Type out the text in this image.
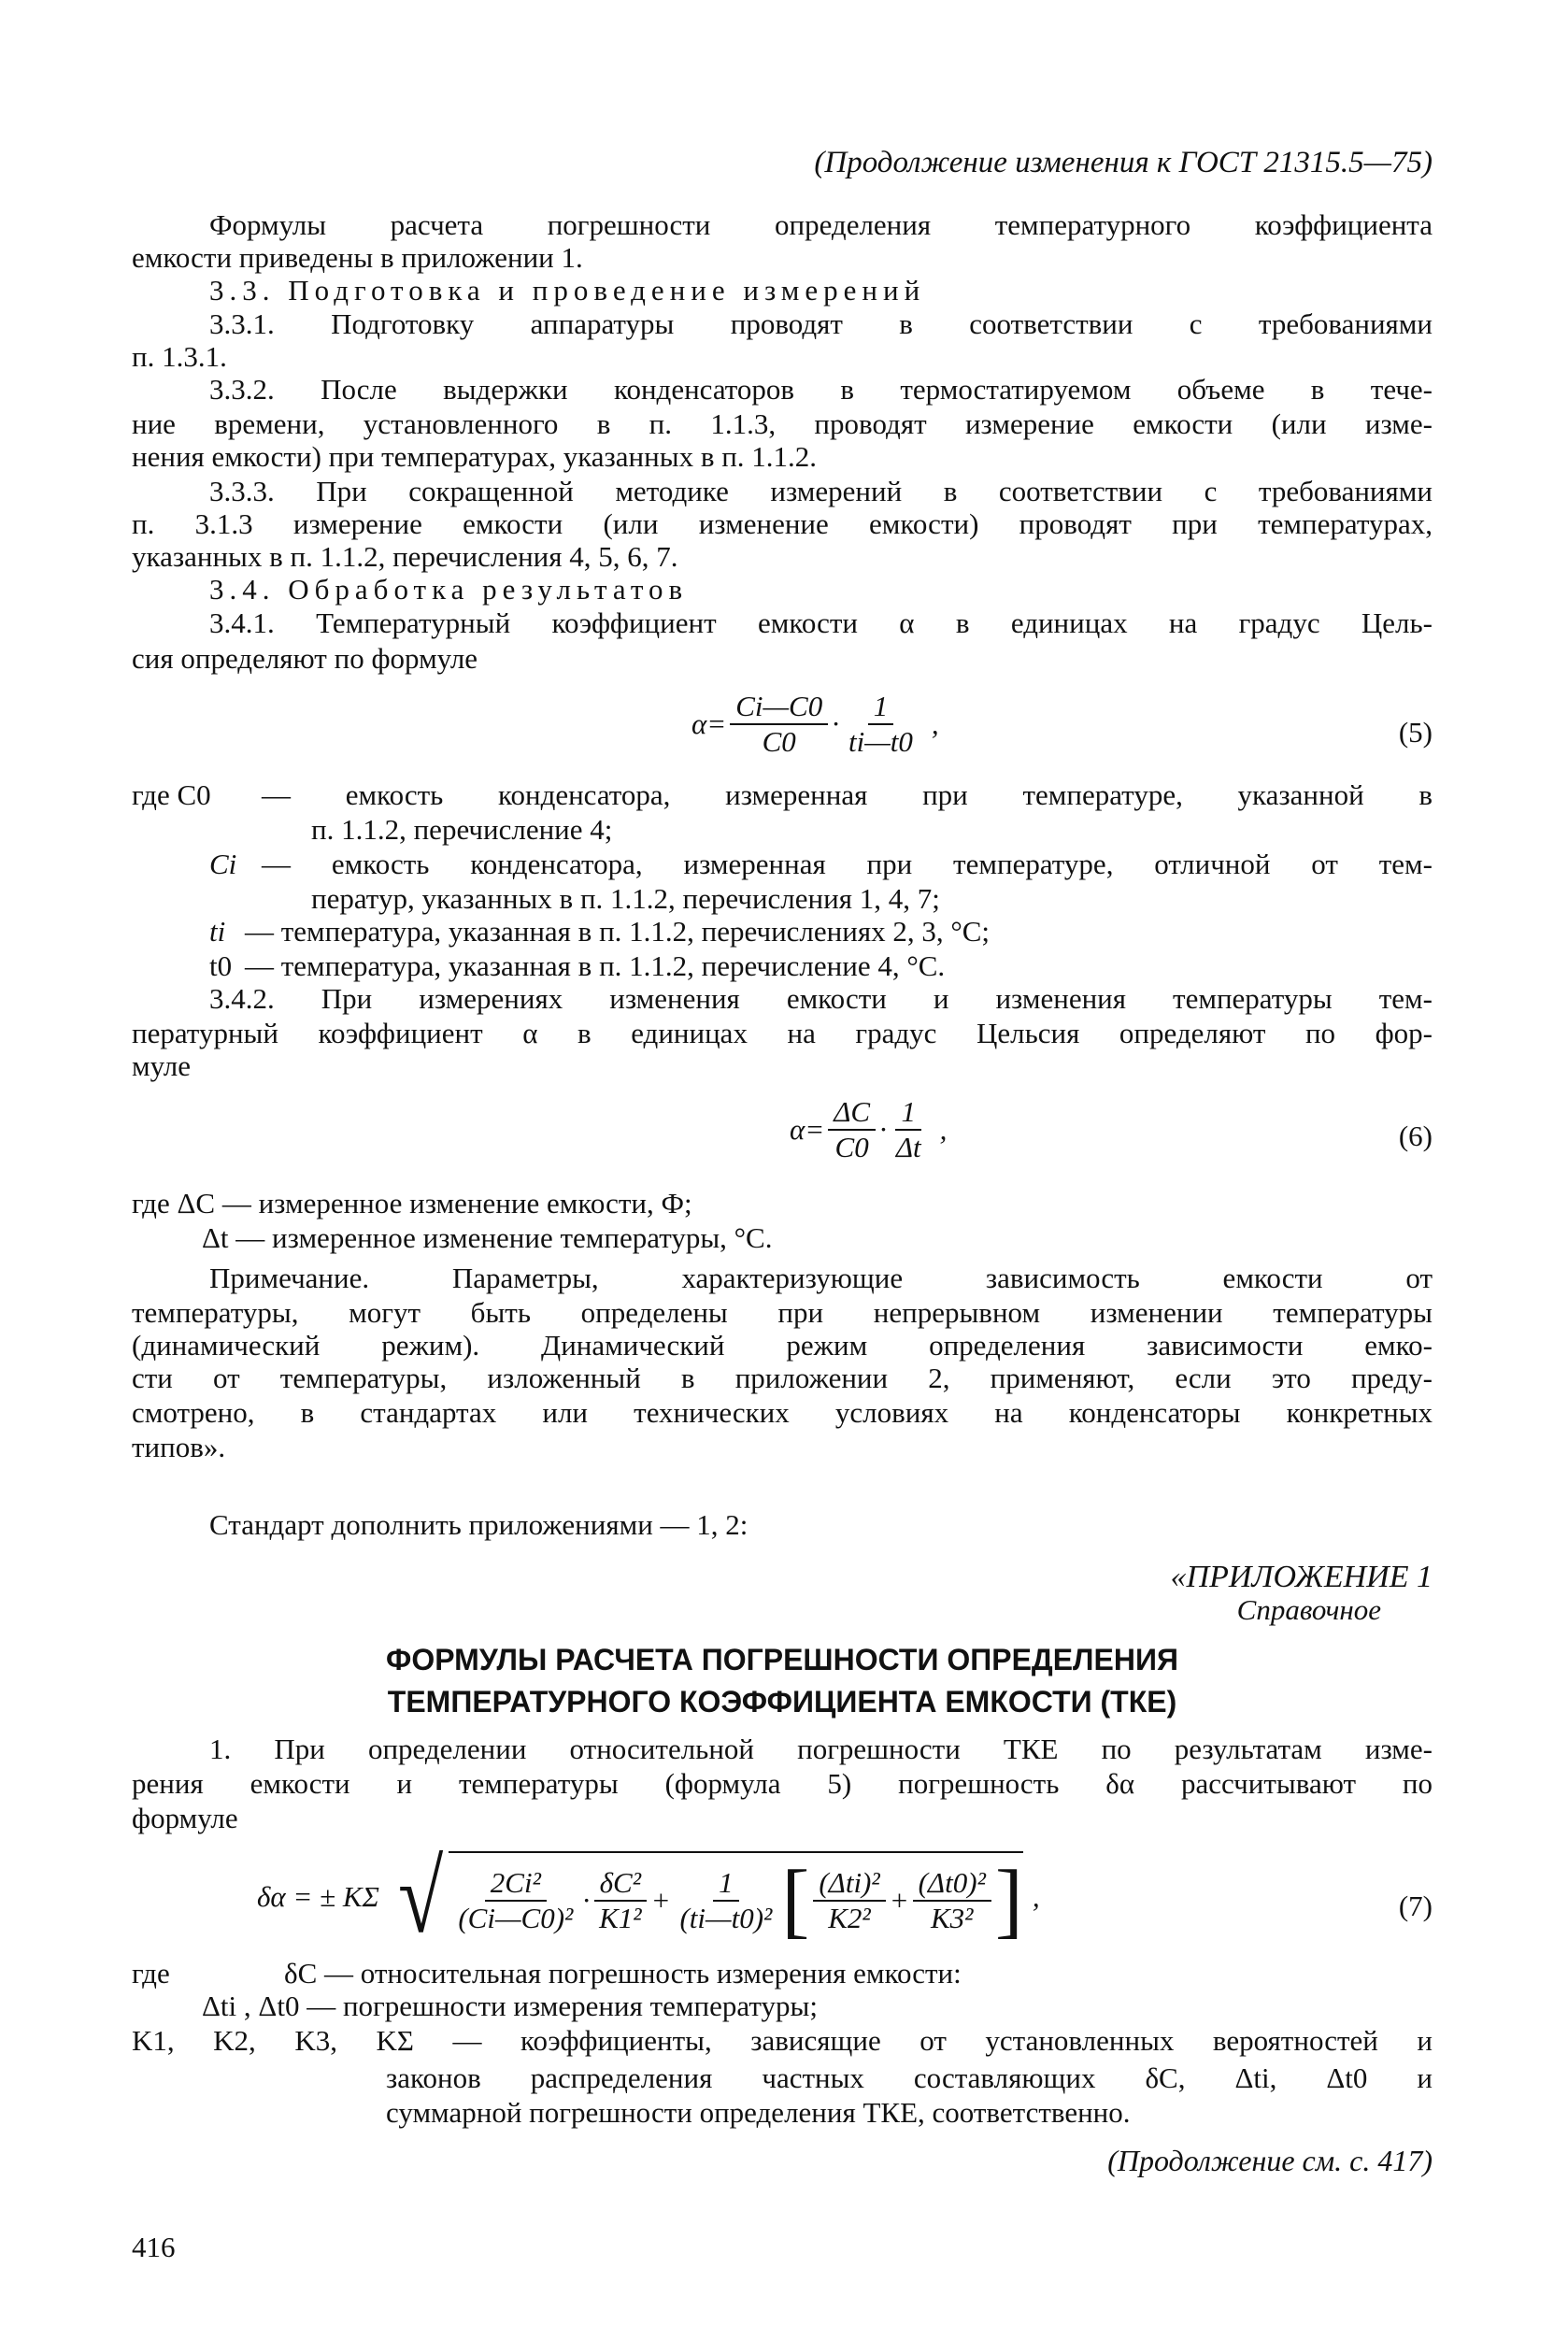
(Продолжение изменения к ГОСТ 21315.5—75)
Формулы расчета погрешности определения температурного коэффициента
емкости приведены в приложении 1.
3.3. Подготовка и проведение измерений
3.3.1. Подготовку аппаратуры проводят в соответствии с требованиями
п. 1.3.1.
3.3.2. После выдержки конденсаторов в термостатируемом объеме в тече-
ние времени, установленного в п. 1.1.3, проводят измерение емкости (или изме-
нения емкости) при температурах, указанных в п. 1.1.2.
3.3.3. При сокращенной методике измерений в соответствии с требованиями
п. 3.1.3 измерение емкости (или изменение емкости) проводят при температурах,
указанных в п. 1.1.2, перечисления 4, 5, 6, 7.
3.4. Обработка результатов
3.4.1. Температурный коэффициент емкости α в единицах на градус Цель-
сия определяют по формуле
$\alpha= \frac{Ci—C0}{C0} \cdot \frac{1}{ti—t0}$ ,	(5)
где C0 — емкость конденсатора, измеренная при температуре, указанной в
п. 1.1.2, перечисление 4;
Ci — емкость конденсатора, измеренная при температуре, отличной от тем-
ператур, указанных в п. 1.1.2, перечисления 1, 4, 7;
ti — температура, указанная в п. 1.1.2, перечислениях 2, 3, °C;
t0 — температура, указанная в п. 1.1.2, перечисление 4, °C.
3.4.2. При измерениях изменения емкости и изменения температуры тем-
пературный коэффициент α в единицах на градус Цельсия определяют по фор-
муле
$\alpha= \frac{\Delta C}{C0} \cdot \frac{1}{\Delta t}$ ,	(6)
где ΔC — измеренное изменение емкости, Ф;
Δt — измеренное изменение температуры, °C.
Примечание. Параметры, характеризующие зависимость емкости от
температуры, могут быть определены при непрерывном изменении температуры
(динамический режим). Динамический режим определения зависимости емко-
сти от температуры, изложенный в приложении 2, применяют, если это преду-
смотрено, в стандартах или технических условиях на конденсаторы конкретных
типов».
Стандарт дополнить приложениями — 1, 2:
«ПРИЛОЖЕНИЕ 1
Справочное
ФОРМУЛЫ РАСЧЕТА ПОГРЕШНОСТИ ОПРЕДЕЛЕНИЯ
ТЕМПЕРАТУРНОГО КОЭФФИЦИЕНТА ЕМКОСТИ (ТКЕ)
1. При определении относительной погрешности ТКЕ по результатам изме-
рения емкости и температуры (формула 5) погрешность δα рассчитывают по
формуле
δα = ± KΣ √ $\frac{\text{2Ci²}}{\text{(Ci—C0)²}} \cdot \frac{\text{δC²}}{\text{K1²}} + \frac{1}{\text{(ti—t0)²}}$ [ $\frac{\text{(Δti)²}}{\text{K2²}} + \frac{\text{(Δt0)²}}{\text{K3²}}$ ] ,	(7)
где	δC — относительная погрешность измерения емкости:
Δti , Δt0 — погрешности измерения температуры;
K1, K2, K3, KΣ — коэффициенты, зависящие от установленных вероятностей и
законов распределения частных составляющих δC, Δti, Δt0 и
суммарной погрешности определения ТКЕ, соответственно.
(Продолжение см. с. 417)
416
